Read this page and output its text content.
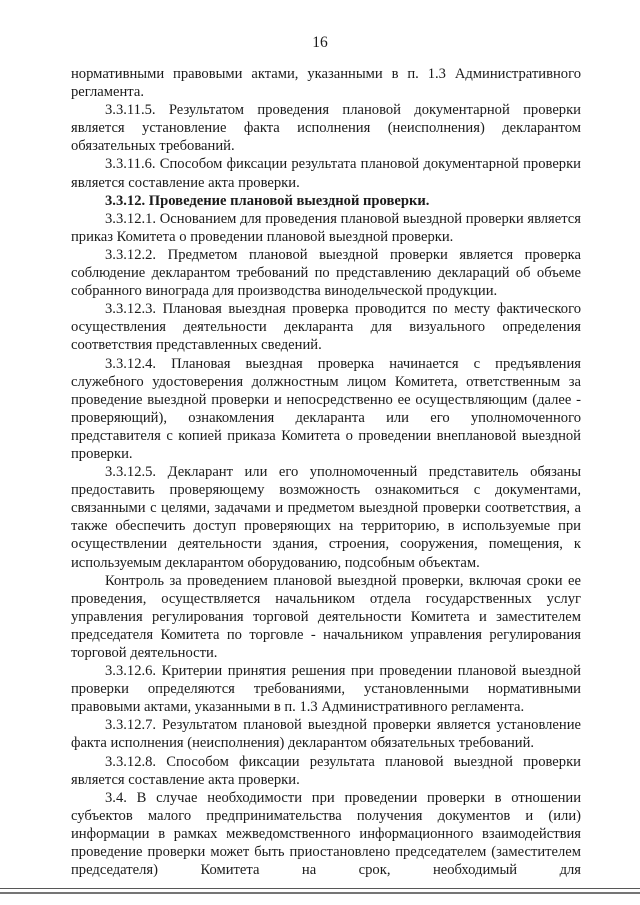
16

нормативными правовыми актами, указанными в п. 1.3 Административного регламента.

3.3.11.5. Результатом проведения плановой документарной проверки является установление факта исполнения (неисполнения) декларантом обязательных требований.

3.3.11.6. Способом фиксации результата плановой документарной проверки является составление акта проверки.

3.3.12. Проведение плановой выездной проверки.

3.3.12.1. Основанием для проведения плановой выездной проверки является приказ Комитета о проведении плановой выездной проверки.

3.3.12.2. Предметом плановой выездной проверки является проверка соблюдение декларантом требований по представлению деклараций об объеме собранного винограда для производства винодельческой продукции.

3.3.12.3. Плановая выездная проверка проводится по месту фактического осуществления деятельности декларанта для визуального определения соответствия представленных сведений.

3.3.12.4. Плановая выездная проверка начинается с предъявления служебного удостоверения должностным лицом Комитета, ответственным за проведение выездной проверки и непосредственно ее осуществляющим (далее - проверяющий), ознакомления декларанта или его уполномоченного представителя с копией приказа Комитета о проведении внеплановой выездной проверки.

3.3.12.5. Декларант или его уполномоченный представитель обязаны предоставить проверяющему возможность ознакомиться с документами, связанными с целями, задачами и предметом выездной проверки соответствия, а также обеспечить доступ проверяющих на территорию, в используемые при осуществлении деятельности здания, строения, сооружения, помещения, к используемым декларантом оборудованию, подсобным объектам.

Контроль за проведением плановой выездной проверки, включая сроки ее проведения, осуществляется начальником отдела государственных услуг управления регулирования торговой деятельности Комитета и заместителем председателя Комитета по торговле - начальником управления регулирования торговой деятельности.

3.3.12.6. Критерии принятия решения при проведении плановой выездной проверки определяются требованиями, установленными нормативными правовыми актами, указанными в п. 1.3 Административного регламента.

3.3.12.7. Результатом плановой выездной проверки является установление факта исполнения (неисполнения) декларантом обязательных требований.

3.3.12.8. Способом фиксации результата плановой выездной проверки является составление акта проверки.

3.4. В случае необходимости при проведении проверки в отношении субъектов малого предпринимательства получения документов и (или) информации в рамках межведомственного информационного взаимодействия проведение проверки может быть приостановлено председателем (заместителем председателя) Комитета на срок, необходимый для
